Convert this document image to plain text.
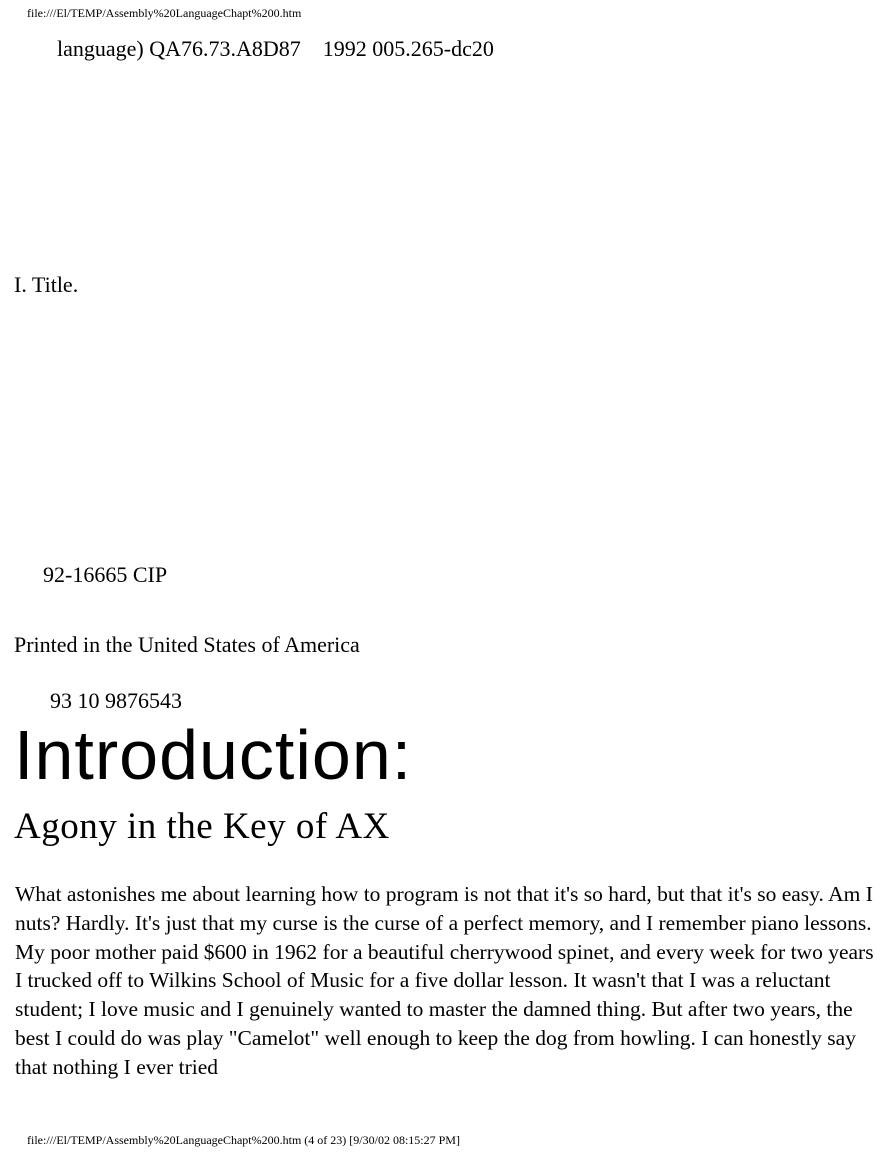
file:///El/TEMP/Assembly%20LanguageChapt%200.htm
language) QA76.73.A8D87    1992 005.265-dc20
I. Title.
92-16665 CIP
Printed in the United States of America
93 10 9876543
Introduction:
Agony in the Key of AX
What astonishes me about learning how to program is not that it's so hard, but that it's so easy. Am I nuts? Hardly. It's just that my curse is the curse of a perfect memory, and I remember piano lessons. My poor mother paid $600 in 1962 for a beautiful cherrywood spinet, and every week for two years I trucked off to Wilkins School of Music for a five dollar lesson. It wasn't that I was a reluctant student; I love music and I genuinely wanted to master the damned thing. But after two years, the best I could do was play "Camelot" well enough to keep the dog from howling. I can honestly say that nothing I ever tried
file:///El/TEMP/Assembly%20LanguageChapt%200.htm (4 of 23) [9/30/02 08:15:27 PM]
